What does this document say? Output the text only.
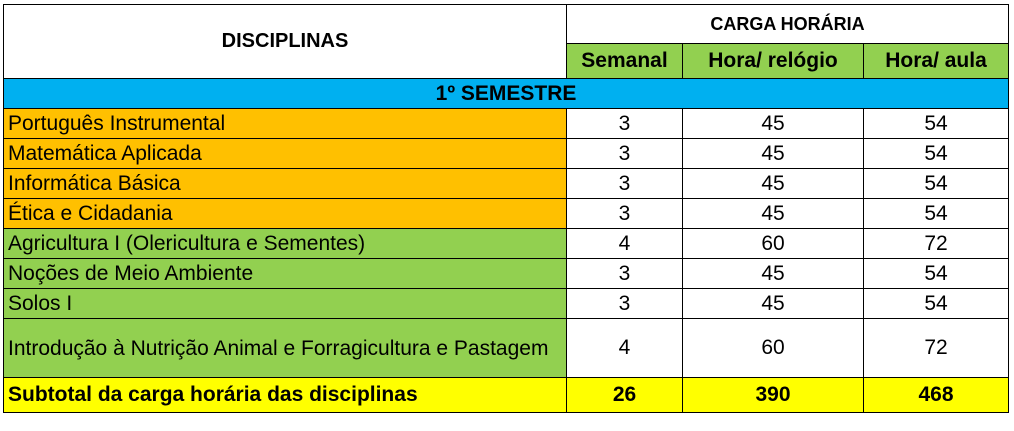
DISCIPLINAS	CARGA HORÁRIA		
	Semanal	Hora/ relógio	Hora/ aula
1º SEMESTRE			
Português Instrumental	3	45	54
Matemática Aplicada	3	45	54
Informática Básica	3	45	54
Ética e Cidadania	3	45	54
Agricultura I (Olericultura e Sementes)	4	60	72
Noções de Meio Ambiente	3	45	54
Solos I	3	45	54
Introdução à Nutrição Animal e Forragicultura e Pastagem	4	60	72
Subtotal da carga horária das disciplinas	26	390	468
